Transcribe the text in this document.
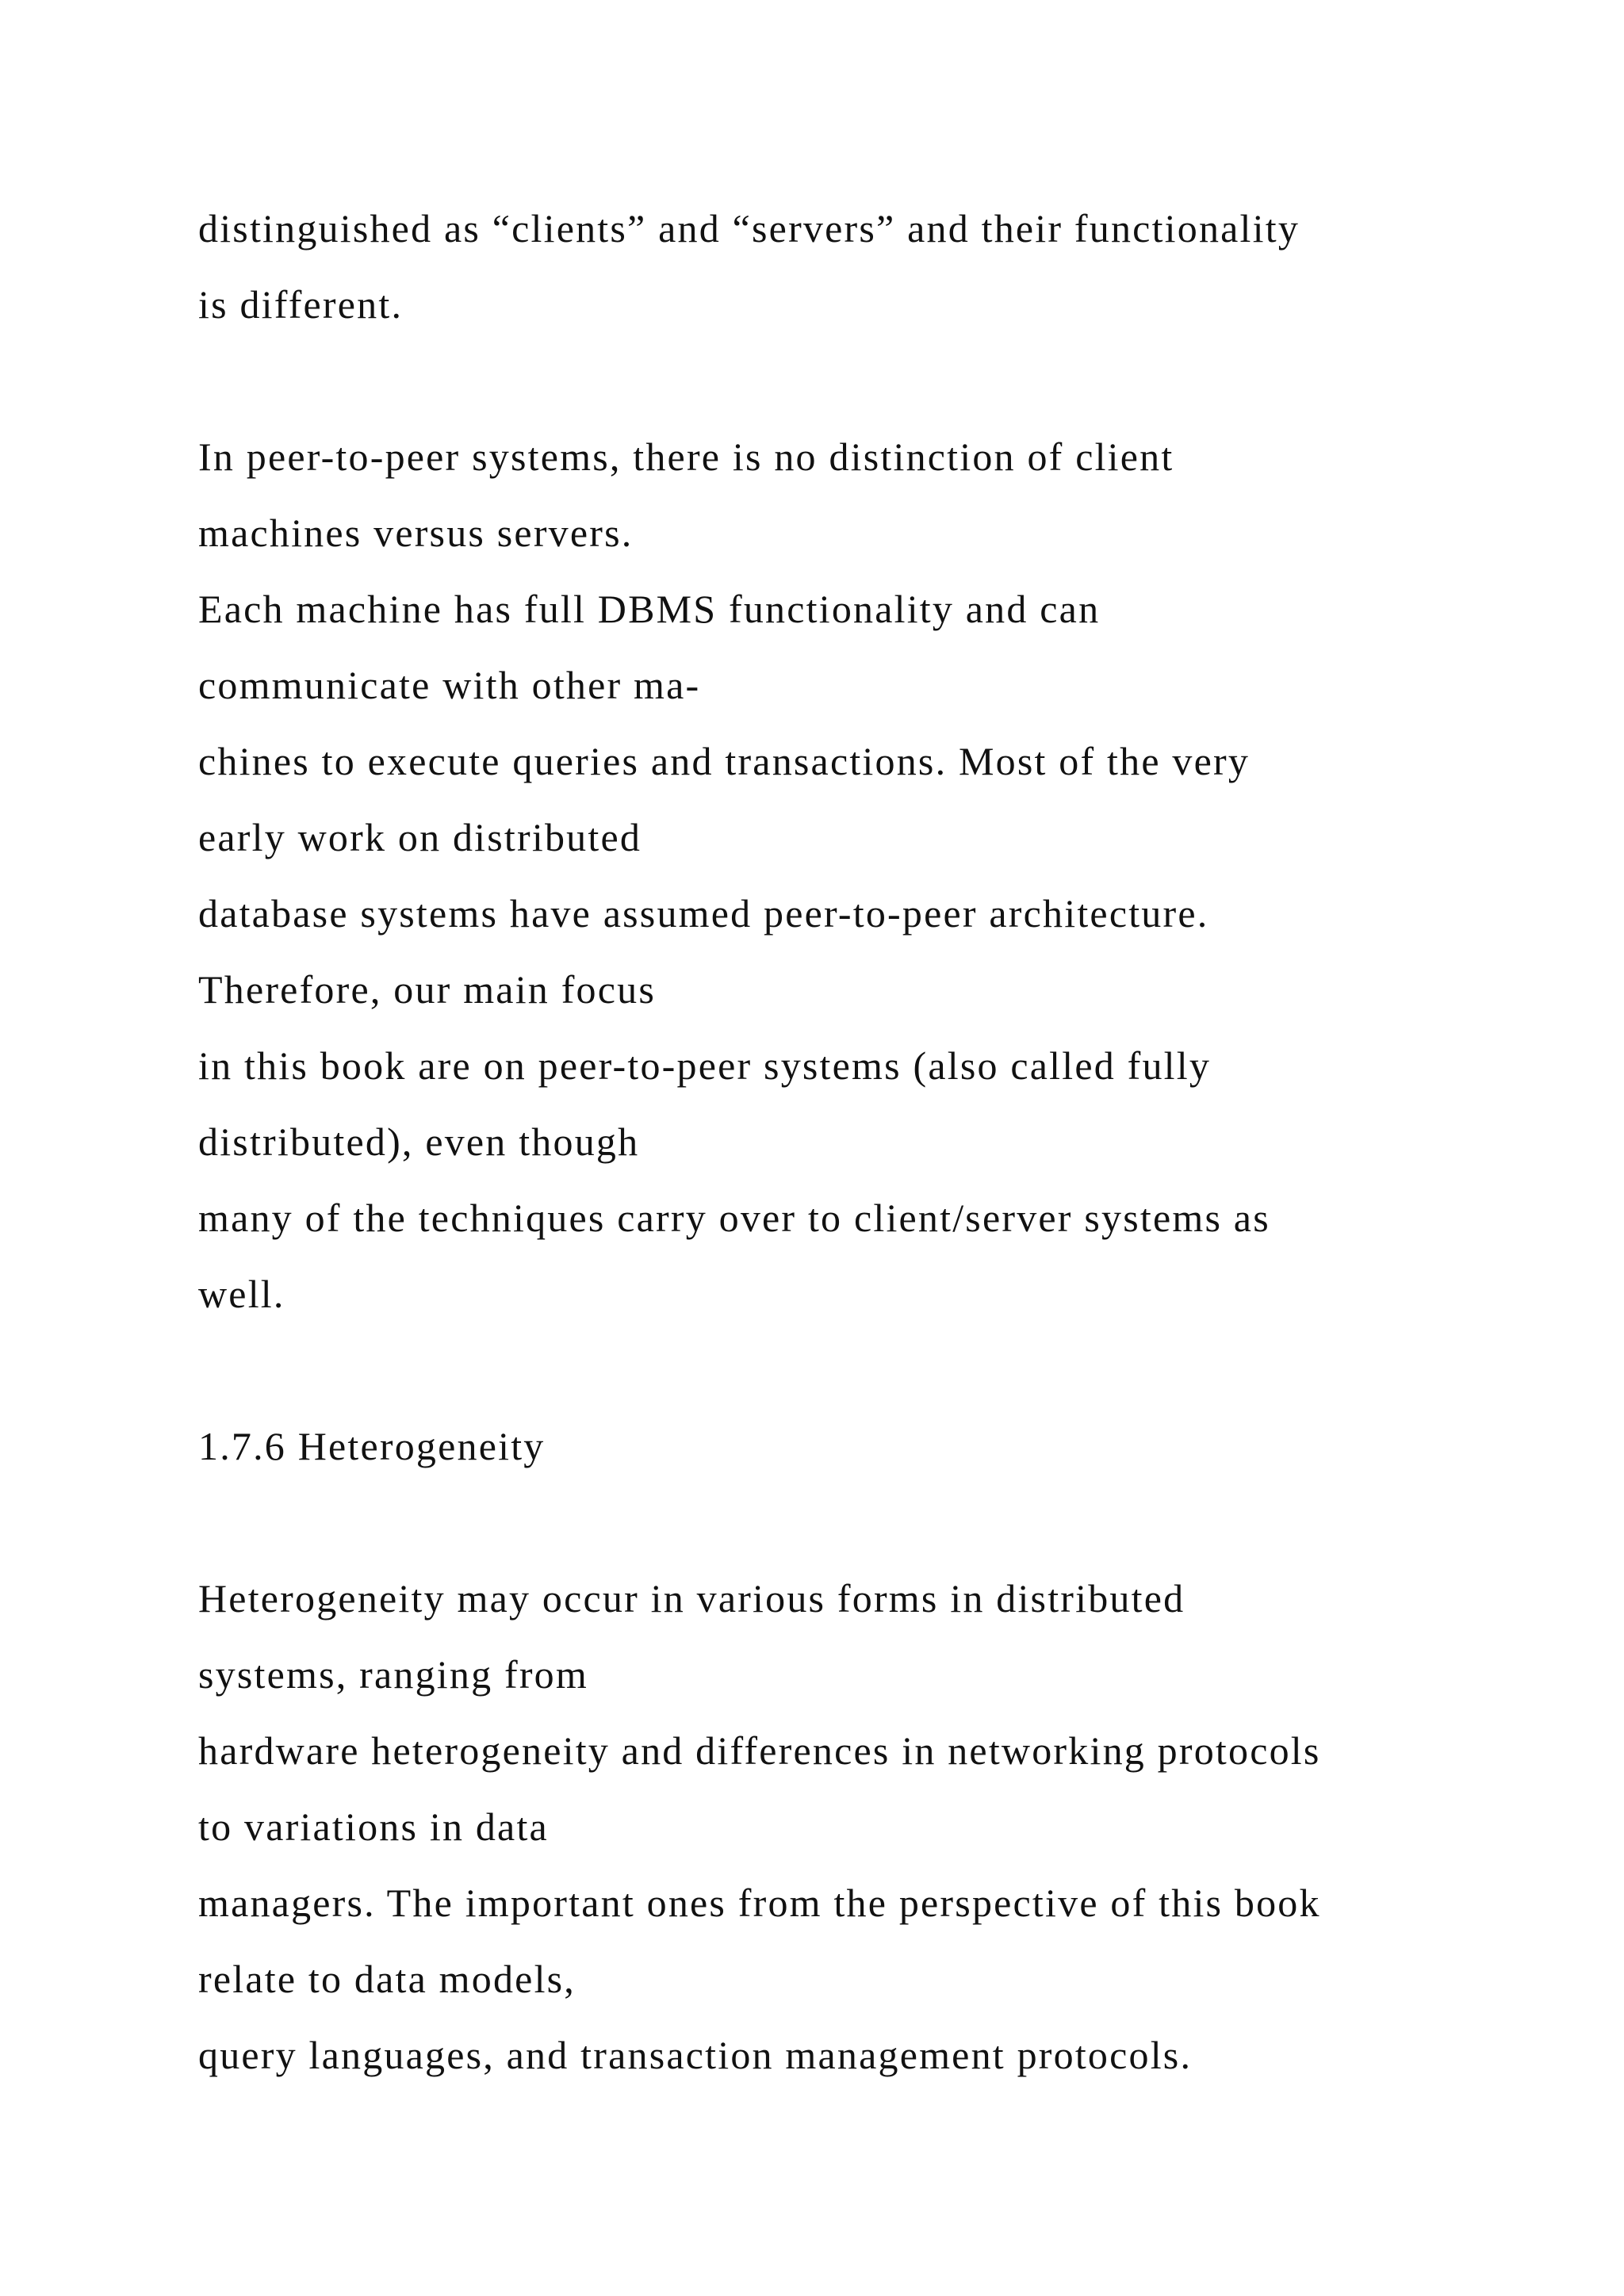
distinguished as “clients” and “servers” and their functionality
is different.
In peer-to-peer systems, there is no distinction of client
machines versus servers.
Each machine has full DBMS functionality and can
communicate with other ma-
chines to execute queries and transactions. Most of the very
early work on distributed
database systems have assumed peer-to-peer architecture.
Therefore, our main focus
in this book are on peer-to-peer systems (also called fully
distributed), even though
many of the techniques carry over to client/server systems as
well.
1.7.6 Heterogeneity
Heterogeneity may occur in various forms in distributed
systems, ranging from
hardware heterogeneity and differences in networking protocols
to variations in data
managers. The important ones from the perspective of this book
relate to data models,
query languages, and transaction management protocols.
